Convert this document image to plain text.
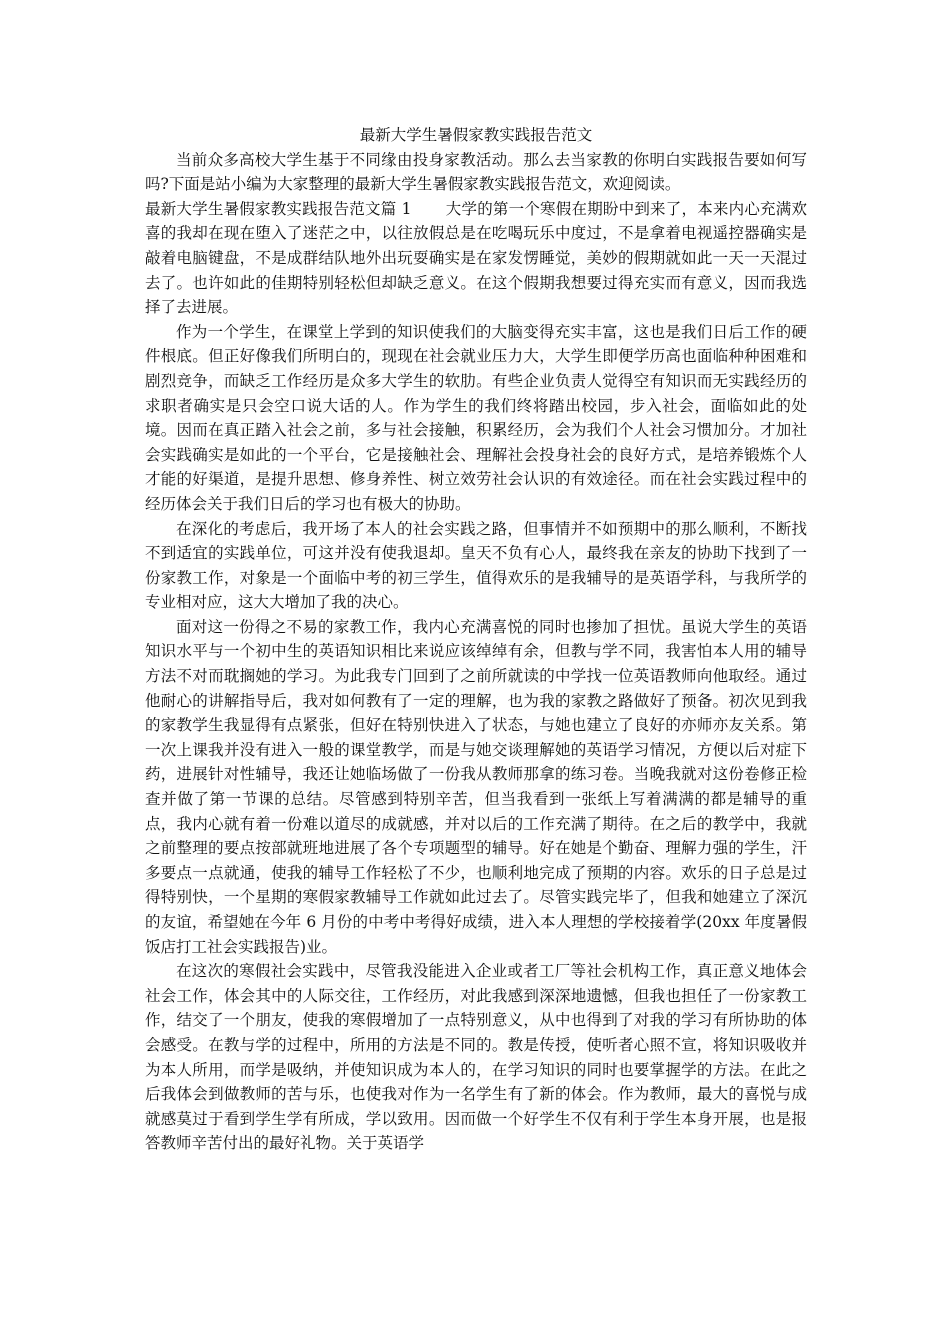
最新大学生暑假家教实践报告范文

当前众多高校大学生基于不同缘由投身家教活动。那么去当家教的你明白实践报告要如何写吗?下面是站小编为大家整理的最新大学生暑假家教实践报告范文，欢迎阅读。

最新大学生暑假家教实践报告范文篇 1 大学的第一个寒假在期盼中到来了，本来内心充满欢喜的我却在现在堕入了迷茫之中，以往放假总是在吃喝玩乐中度过，不是拿着电视遥控器确实是敲着电脑键盘，不是成群结队地外出玩耍确实是在家发愣睡觉，美妙的假期就如此一天一天混过去了。也许如此的佳期特别轻松但却缺乏意义。在这个假期我想要过得充实而有意义，因而我选择了去进展。

作为一个学生，在课堂上学到的知识使我们的大脑变得充实丰富，这也是我们日后工作的硬件根底。但正好像我们所明白的，现现在社会就业压力大，大学生即便学历高也面临种种困难和剧烈竞争，而缺乏工作经历是众多大学生的软肋。有些企业负责人觉得空有知识而无实践经历的求职者确实是只会空口说大话的人。作为学生的我们终将踏出校园，步入社会，面临如此的处境。因而在真正踏入社会之前，多与社会接触，积累经历，会为我们个人社会习惯加分。才加社会实践确实是如此的一个平台，它是接触社会、理解社会投身社会的良好方式，是培养锻炼个人才能的好渠道，是提升思想、修身养性、树立效劳社会认识的有效途径。而在社会实践过程中的经历体会关于我们日后的学习也有极大的协助。

在深化的考虑后，我开场了本人的社会实践之路，但事情并不如预期中的那么顺利，不断找不到适宜的实践单位，可这并没有使我退却。皇天不负有心人，最终我在亲友的协助下找到了一份家教工作，对象是一个面临中考的初三学生，值得欢乐的是我辅导的是英语学科，与我所学的专业相对应，这大大增加了我的决心。

面对这一份得之不易的家教工作，我内心充满喜悦的同时也掺加了担忧。虽说大学生的英语知识水平与一个初中生的英语知识相比来说应该绰绰有余，但教与学不同，我害怕本人用的辅导方法不对而耽搁她的学习。为此我专门回到了之前所就读的中学找一位英语教师向他取经。通过他耐心的讲解指导后，我对如何教有了一定的理解，也为我的家教之路做好了预备。初次见到我的家教学生我显得有点紧张，但好在特别快进入了状态，与她也建立了良好的亦师亦友关系。第一次上课我并没有进入一般的课堂教学，而是与她交谈理解她的英语学习情况，方便以后对症下药，进展针对性辅导，我还让她临场做了一份我从教师那拿的练习卷。当晚我就对这份卷修正检查并做了第一节课的总结。尽管感到特别辛苦，但当我看到一张纸上写着满满的都是辅导的重点，我内心就有着一份难以道尽的成就感，并对以后的工作充满了期待。在之后的教学中，我就之前整理的要点按部就班地进展了各个专项题型的辅导。好在她是个勤奋、理解力强的学生，汗多要点一点就通，使我的辅导工作轻松了不少，也顺利地完成了预期的内容。欢乐的日子总是过得特别快，一个星期的寒假家教辅导工作就如此过去了。尽管实践完毕了，但我和她建立了深沉的友谊，希望她在今年 6 月份的中考中考得好成绩，进入本人理想的学校接着学(20xx 年度暑假饭店打工社会实践报告)业。

在这次的寒假社会实践中，尽管我没能进入企业或者工厂等社会机构工作，真正意义地体会社会工作，体会其中的人际交往，工作经历，对此我感到深深地遗憾，但我也担任了一份家教工作，结交了一个朋友，使我的寒假增加了一点特别意义，从中也得到了对我的学习有所协助的体会感受。在教与学的过程中，所用的方法是不同的。教是传授，使听者心照不宣，将知识吸收并为本人所用，而学是吸纳，并使知识成为本人的，在学习知识的同时也要掌握学的方法。在此之后我体会到做教师的苦与乐，也使我对作为一名学生有了新的体会。作为教师，最大的喜悦与成就感莫过于看到学生学有所成，学以致用。因而做一个好学生不仅有利于学生本身开展，也是报答教师辛苦付出的最好礼物。关于英语学
